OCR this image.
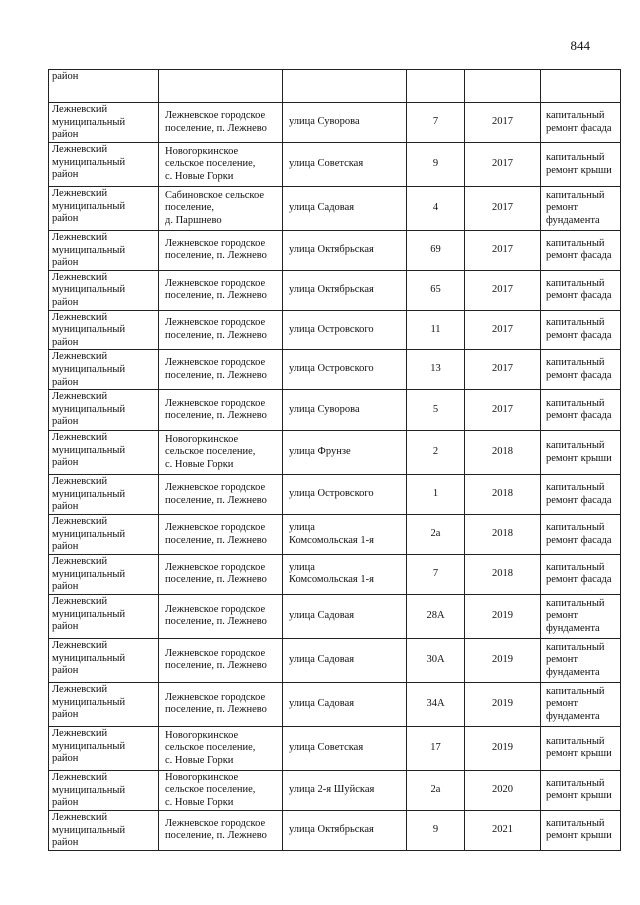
844
район					
Лежневский
муниципальный
район	Лежневское городское
поселение, п. Лежнево	улица Суворова	7	2017	капитальный
ремонт фасада
Лежневский
муниципальный
район	Новогоркинское
сельское поселение,
с. Новые Горки	улица Советская	9	2017	капитальный
ремонт крыши
Лежневский
муниципальный
район	Сабиновское сельское
поселение,
д. Паршнево	улица Садовая	4	2017	капитальный
ремонт
фундамента
Лежневский
муниципальный
район	Лежневское городское
поселение, п. Лежнево	улица Октябрьская	69	2017	капитальный
ремонт фасада
Лежневский
муниципальный
район	Лежневское городское
поселение, п. Лежнево	улица Октябрьская	65	2017	капитальный
ремонт фасада
Лежневский
муниципальный
район	Лежневское городское
поселение, п. Лежнево	улица Островского	11	2017	капитальный
ремонт фасада
Лежневский
муниципальный
район	Лежневское городское
поселение, п. Лежнево	улица Островского	13	2017	капитальный
ремонт фасада
Лежневский
муниципальный
район	Лежневское городское
поселение, п. Лежнево	улица Суворова	5	2017	капитальный
ремонт фасада
Лежневский
муниципальный
район	Новогоркинское
сельское поселение,
с. Новые Горки	улица Фрунзе	2	2018	капитальный
ремонт крыши
Лежневский
муниципальный
район	Лежневское городское
поселение, п. Лежнево	улица Островского	1	2018	капитальный
ремонт фасада
Лежневский
муниципальный
район	Лежневское городское
поселение, п. Лежнево	улица
Комсомольская 1-я	2а	2018	капитальный
ремонт фасада
Лежневский
муниципальный
район	Лежневское городское
поселение, п. Лежнево	улица
Комсомольская 1-я	7	2018	капитальный
ремонт фасада
Лежневский
муниципальный
район	Лежневское городское
поселение, п. Лежнево	улица Садовая	28А	2019	капитальный
ремонт
фундамента
Лежневский
муниципальный
район	Лежневское городское
поселение, п. Лежнево	улица Садовая	30А	2019	капитальный
ремонт
фундамента
Лежневский
муниципальный
район	Лежневское городское
поселение, п. Лежнево	улица Садовая	34А	2019	капитальный
ремонт
фундамента
Лежневский
муниципальный
район	Новогоркинское
сельское поселение,
с. Новые Горки	улица Советская	17	2019	капитальный
ремонт крыши
Лежневский
муниципальный
район	Новогоркинское
сельское поселение,
с. Новые Горки	улица 2-я Шуйская	2а	2020	капитальный
ремонт крыши
Лежневский
муниципальный
район	Лежневское городское
поселение, п. Лежнево	улица Октябрьская	9	2021	капитальный
ремонт крыши
